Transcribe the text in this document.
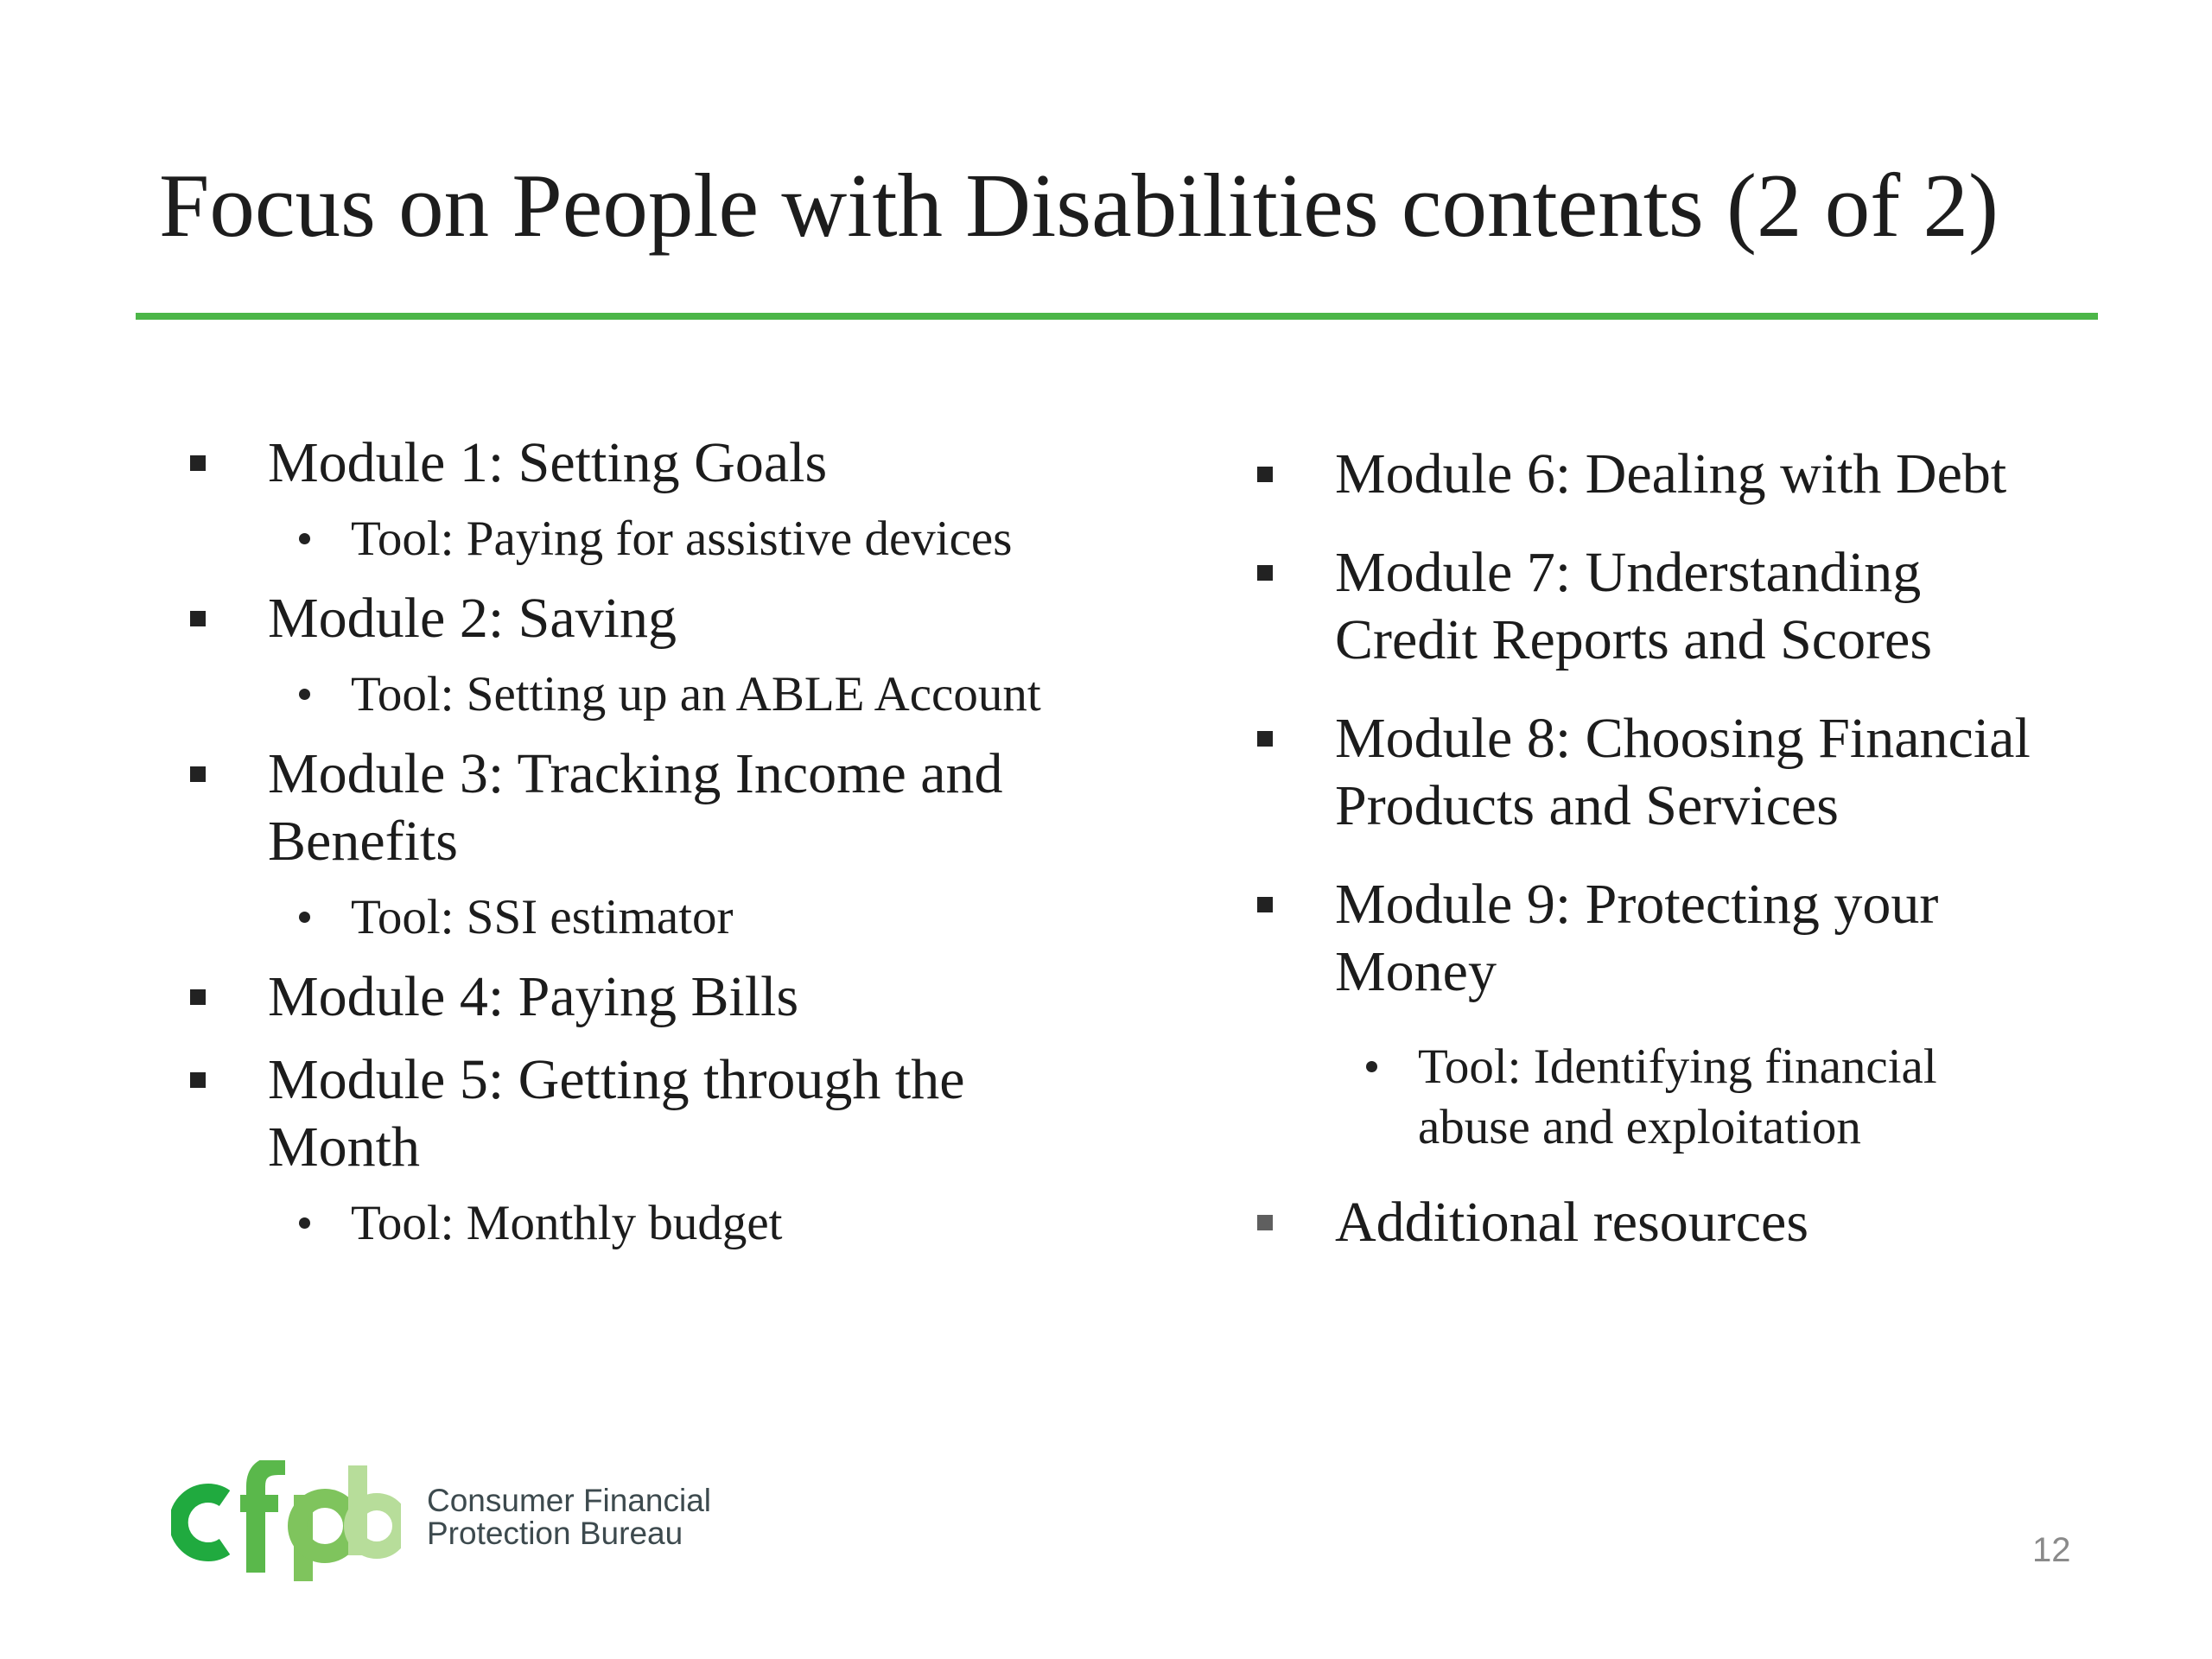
Focus on People with Disabilities contents (2 of 2)
Module 1: Setting Goals
Tool: Paying for assistive devices
Module 2: Saving
Tool: Setting up an ABLE Account
Module 3: Tracking Income and Benefits
Tool: SSI estimator
Module 4: Paying Bills
Module 5: Getting through the Month
Tool: Monthly budget
Module 6: Dealing with Debt
Module 7: Understanding Credit Reports and Scores
Module 8: Choosing Financial Products and Services
Module 9: Protecting your Money
Tool: Identifying financial abuse and exploitation
Additional resources
Consumer Financial
Protection Bureau	12
